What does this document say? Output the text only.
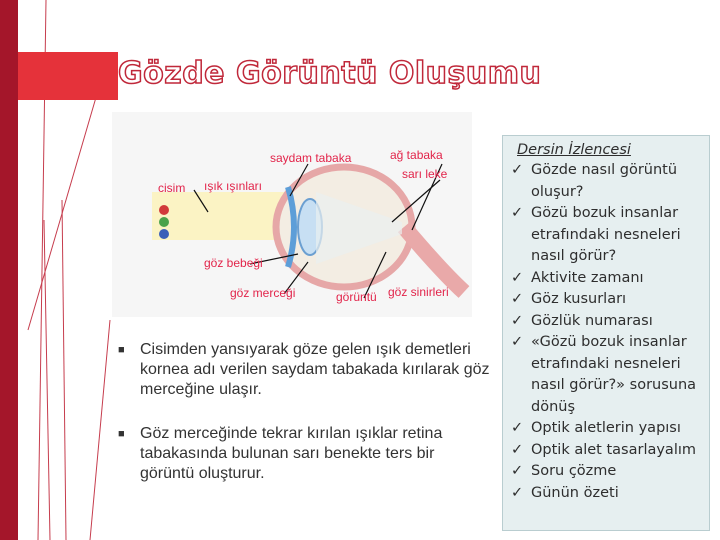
Gözde Görüntü Oluşumu
saydam tabaka	ağ tabaka
sarı leke
cisim ışık ışınları
göz bebeği
göz merceği	görüntü göz sinirleri
■ Cisimden yansıyarak göze gelen ışık demetleri kornea adı verilen saydam tabakada kırılarak göz merceğine ulaşır.
■ Göz merceğinde tekrar kırılan ışıklar retina tabakasında bulunan sarı benekte ters bir görüntü oluşturur.
Dersin İzlencesi
✓ Gözde nasıl görüntü oluşur?
✓ Gözü bozuk insanlar etrafındaki nesneleri nasıl görür?
✓ Aktivite zamanı
✓ Göz kusurları
✓ Gözlük numarası
✓ «Gözü bozuk insanlar etrafındaki nesneleri nasıl görür?» sorusuna dönüş
✓ Optik aletlerin yapısı
✓ Optik alet tasarlayalım
✓ Soru çözme
✓ Günün özeti
